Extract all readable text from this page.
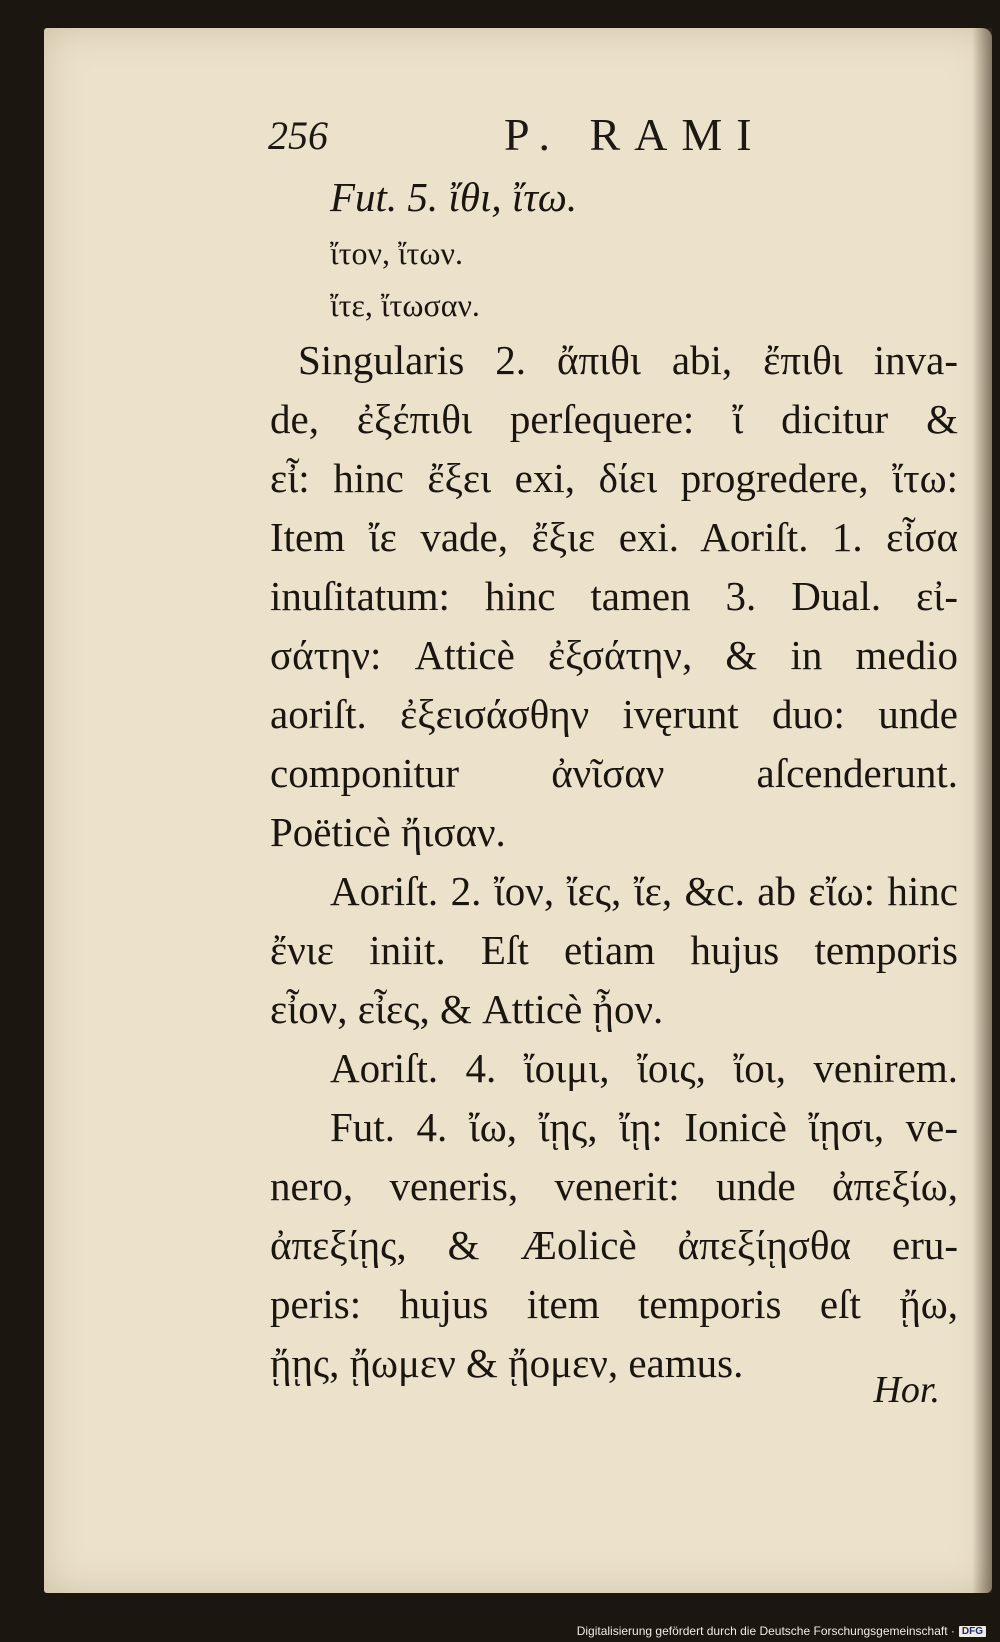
256	P. RAMI
Fut. 5. ἴθι, ἴτω.
ἴτον, ἴτων.
ἴτε, ἴτωσαν.
Singularis 2. ἄπιθι abi, ἔπιθι inva-
de, ἐξέπιθι perſequere: ἴ dicitur &
εἶ: hinc ἔξει exi, δίει progredere, ἴτω:
Item ἴε vade, ἔξιε exi. Aoriſt. 1. εἶσα
inuſitatum: hinc tamen 3. Dual. εἰ-
σάτην: Atticè ἐξσάτην, & in medio
aoriſt. ἐξεισάσθην ivęrunt duo: unde
componitur ἀνῖσαν aſcenderunt.
Poëticè ἤισαν.
Aoriſt. 2. ἴον, ἴες, ἴε, &c. ab εἴω: hinc
ἔνιε iniit. Eſt etiam hujus temporis
εἶον, εἶες, & Atticè ᾖον.
Aoriſt. 4. ἴοιμι, ἴοις, ἴοι, venirem.
Fut. 4. ἴω, ἴῃς, ἴῃ: Ionicè ἴῃσι, ve-
nero, veneris, venerit: unde ἀπεξίω,
ἀπεξίῃς, & Æolicè ἀπεξίῃσθα eru-
peris: hujus item temporis eſt ᾔω,
ᾔῃς, ᾔωμεν & ᾔομεν, eamus.
Hor.
Digitalisierung gefördert durch die Deutsche Forschungsgemeinschaft · DFG
